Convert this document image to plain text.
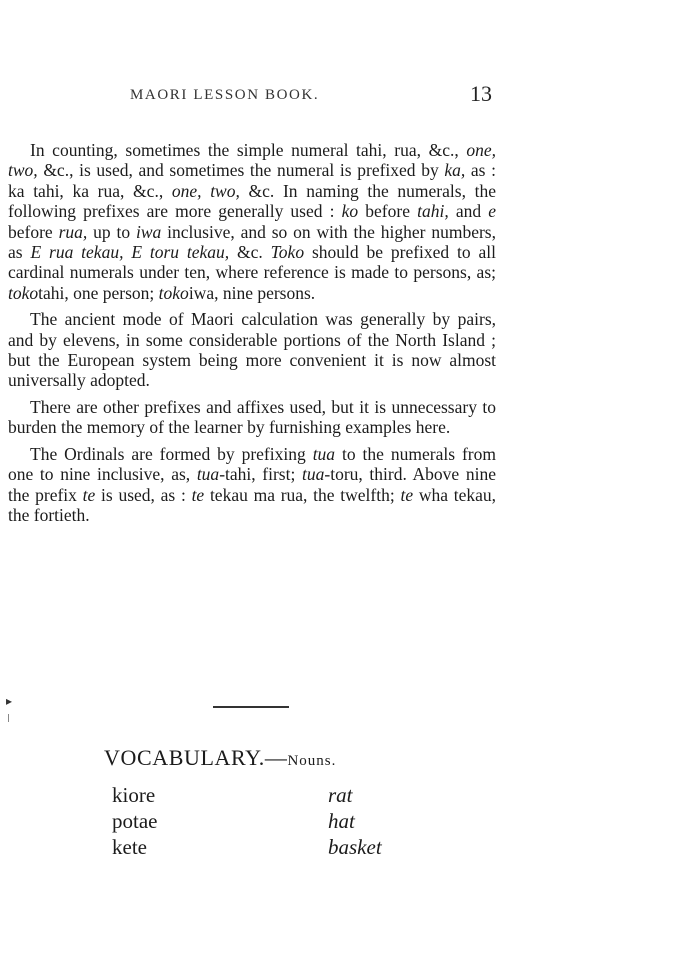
MAORI LESSON BOOK.	13

In counting, sometimes the simple numeral tahi, rua, &c., one, two, &c., is used, and sometimes the numeral is prefixed by ka, as : ka tahi, ka rua, &c., one, two, &c. In naming the numerals, the following prefixes are more generally used : ko before tahi, and e before rua, up to iwa inclusive, and so on with the higher numbers, as E rua tekau, E toru tekau, &c. Toko should be prefixed to all cardinal numerals under ten, where reference is made to persons, as; tokotahi, one person; tokoiwa, nine persons.

The ancient mode of Maori calculation was generally by pairs, and by elevens, in some considerable portions of the North Island ; but the European system being more convenient it is now almost universally adopted.

There are other prefixes and affixes used, but it is unnecessary to burden the memory of the learner by furnishing examples here.

The Ordinals are formed by prefixing tua to the numerals from one to nine inclusive, as, tua-tahi, first; tua-toru, third. Above nine the prefix te is used, as : te tekau ma rua, the twelfth; te wha tekau, the fortieth.

▸
VOCABULARY.—Nouns.
kiore	rat
potae	hat
kete	basket
